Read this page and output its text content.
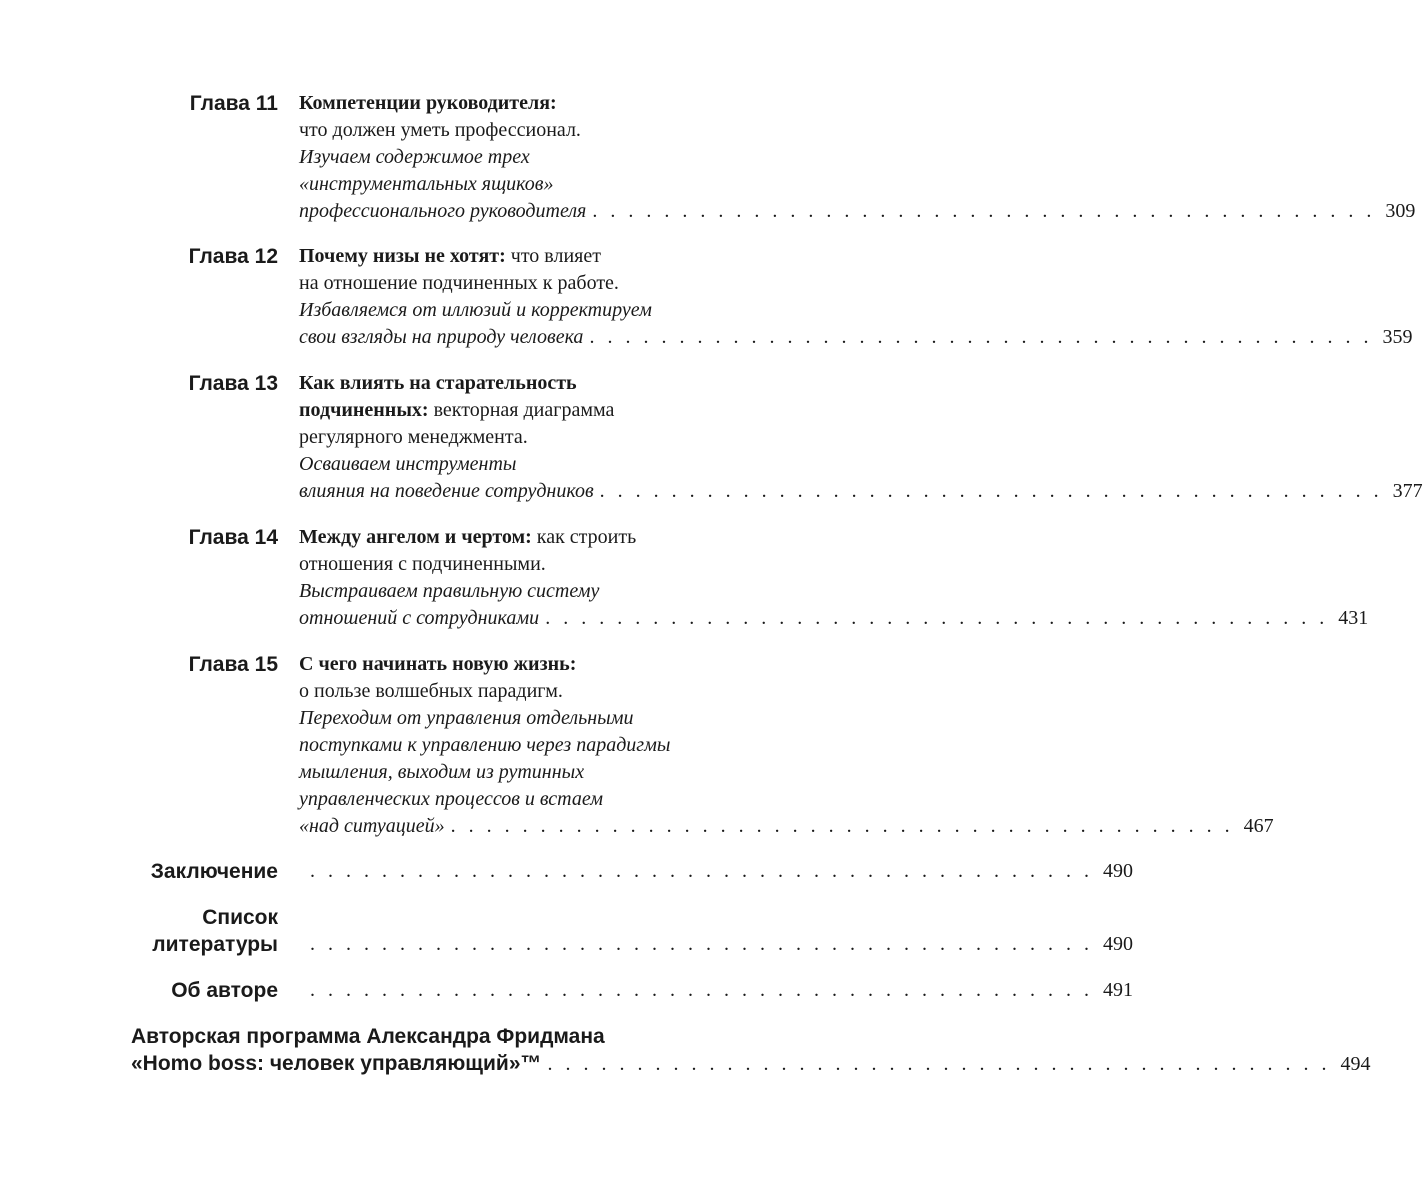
Глава 11 Компетенции руководителя:
что должен уметь профессионал.
Изучаем содержимое трех
«инструментальных ящиков»
профессионального руководителя . . . . . . . . . . . . . . . . . . . . . . . . . . . . . . . . . . . . . . . . . . . . 309
Глава 12 Почему низы не хотят: что влияет
на отношение подчиненных к работе.
Избавляемся от иллюзий и корректируем
свои взгляды на природу человека . . . . . . . . . . . . . . . . . . . . . . . . . . . . . . . . . . . . . . . . . . . . 359
Глава 13 Как влиять на старательность
подчиненных: векторная диаграмма
регулярного менеджмента.
Осваиваем инструменты
влияния на поведение сотрудников . . . . . . . . . . . . . . . . . . . . . . . . . . . . . . . . . . . . . . . . . . . . 377
Глава 14 Между ангелом и чертом: как строить
отношения с подчиненными.
Выстраиваем правильную систему
отношений с сотрудниками . . . . . . . . . . . . . . . . . . . . . . . . . . . . . . . . . . . . . . . . . . . . 431
Глава 15 С чего начинать новую жизнь:
о пользе волшебных парадигм.
Переходим от управления отдельными
поступками к управлению через парадигмы
мышления, выходим из рутинных
управленческих процессов и встаем
«над ситуацией» . . . . . . . . . . . . . . . . . . . . . . . . . . . . . . . . . . . . . . . . . . . . 467
Заключение . . . . . . . . . . . . . . . . . . . . . . . . . . . . . . . . . . . . . . . . . . . . 490
Список
литературы . . . . . . . . . . . . . . . . . . . . . . . . . . . . . . . . . . . . . . . . . . . . 490
Об авторе . . . . . . . . . . . . . . . . . . . . . . . . . . . . . . . . . . . . . . . . . . . . 491
Авторская программа Александра Фридмана
«Homo boss: человек управляющий»™ . . . . . . . . . . . . . . . . . . . . . . . . . . . . . . . . . . . . . . . . . . . . 494
